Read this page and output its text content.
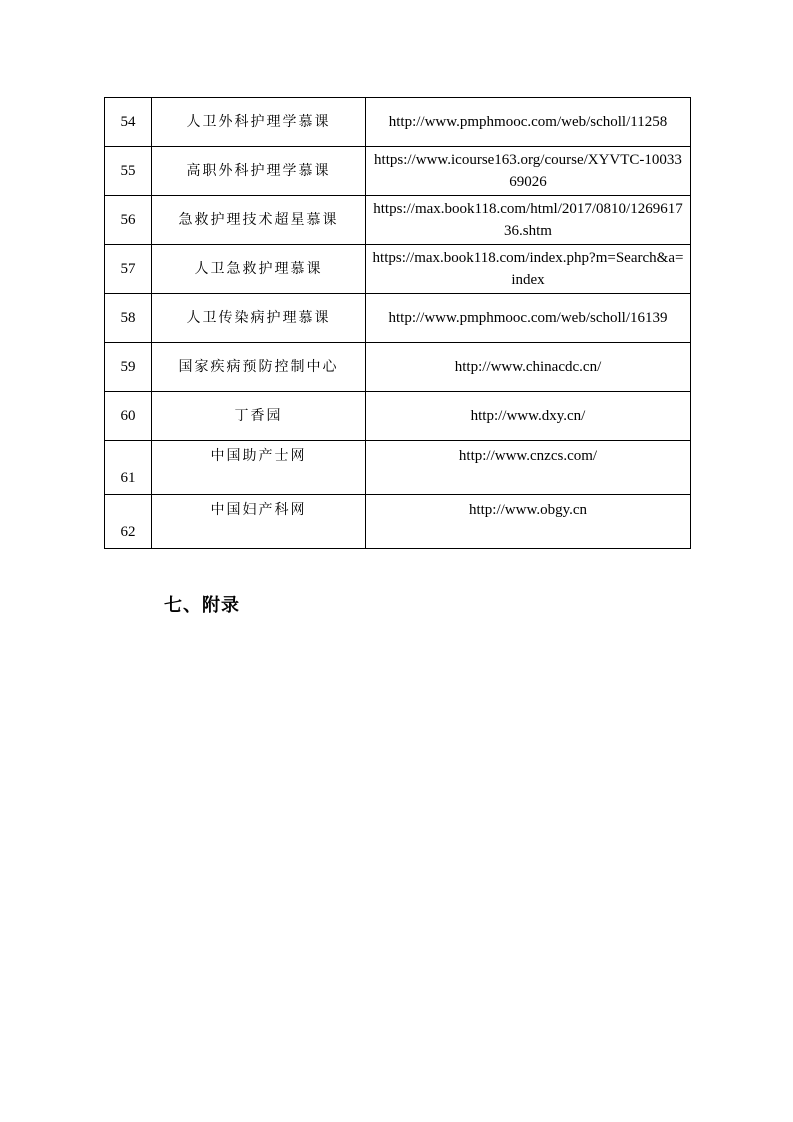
54	人卫外科护理学慕课	http://www.pmphmooc.com/web/scholl/11258
55	高职外科护理学慕课	https://www.icourse163.org/course/XYVTC-1003369026
56	急救护理技术超星慕课	https://max.book118.com/html/2017/0810/126961736.shtm
57	人卫急救护理慕课	https://max.book118.com/index.php?m=Search&a=index
58	人卫传染病护理慕课	http://www.pmphmooc.com/web/scholl/16139
59	国家疾病预防控制中心	http://www.chinacdc.cn/
60	丁香园	http://www.dxy.cn/
61	中国助产士网	http://www.cnzcs.com/
62	中国妇产科网	http://www.obgy.cn
七、附录
